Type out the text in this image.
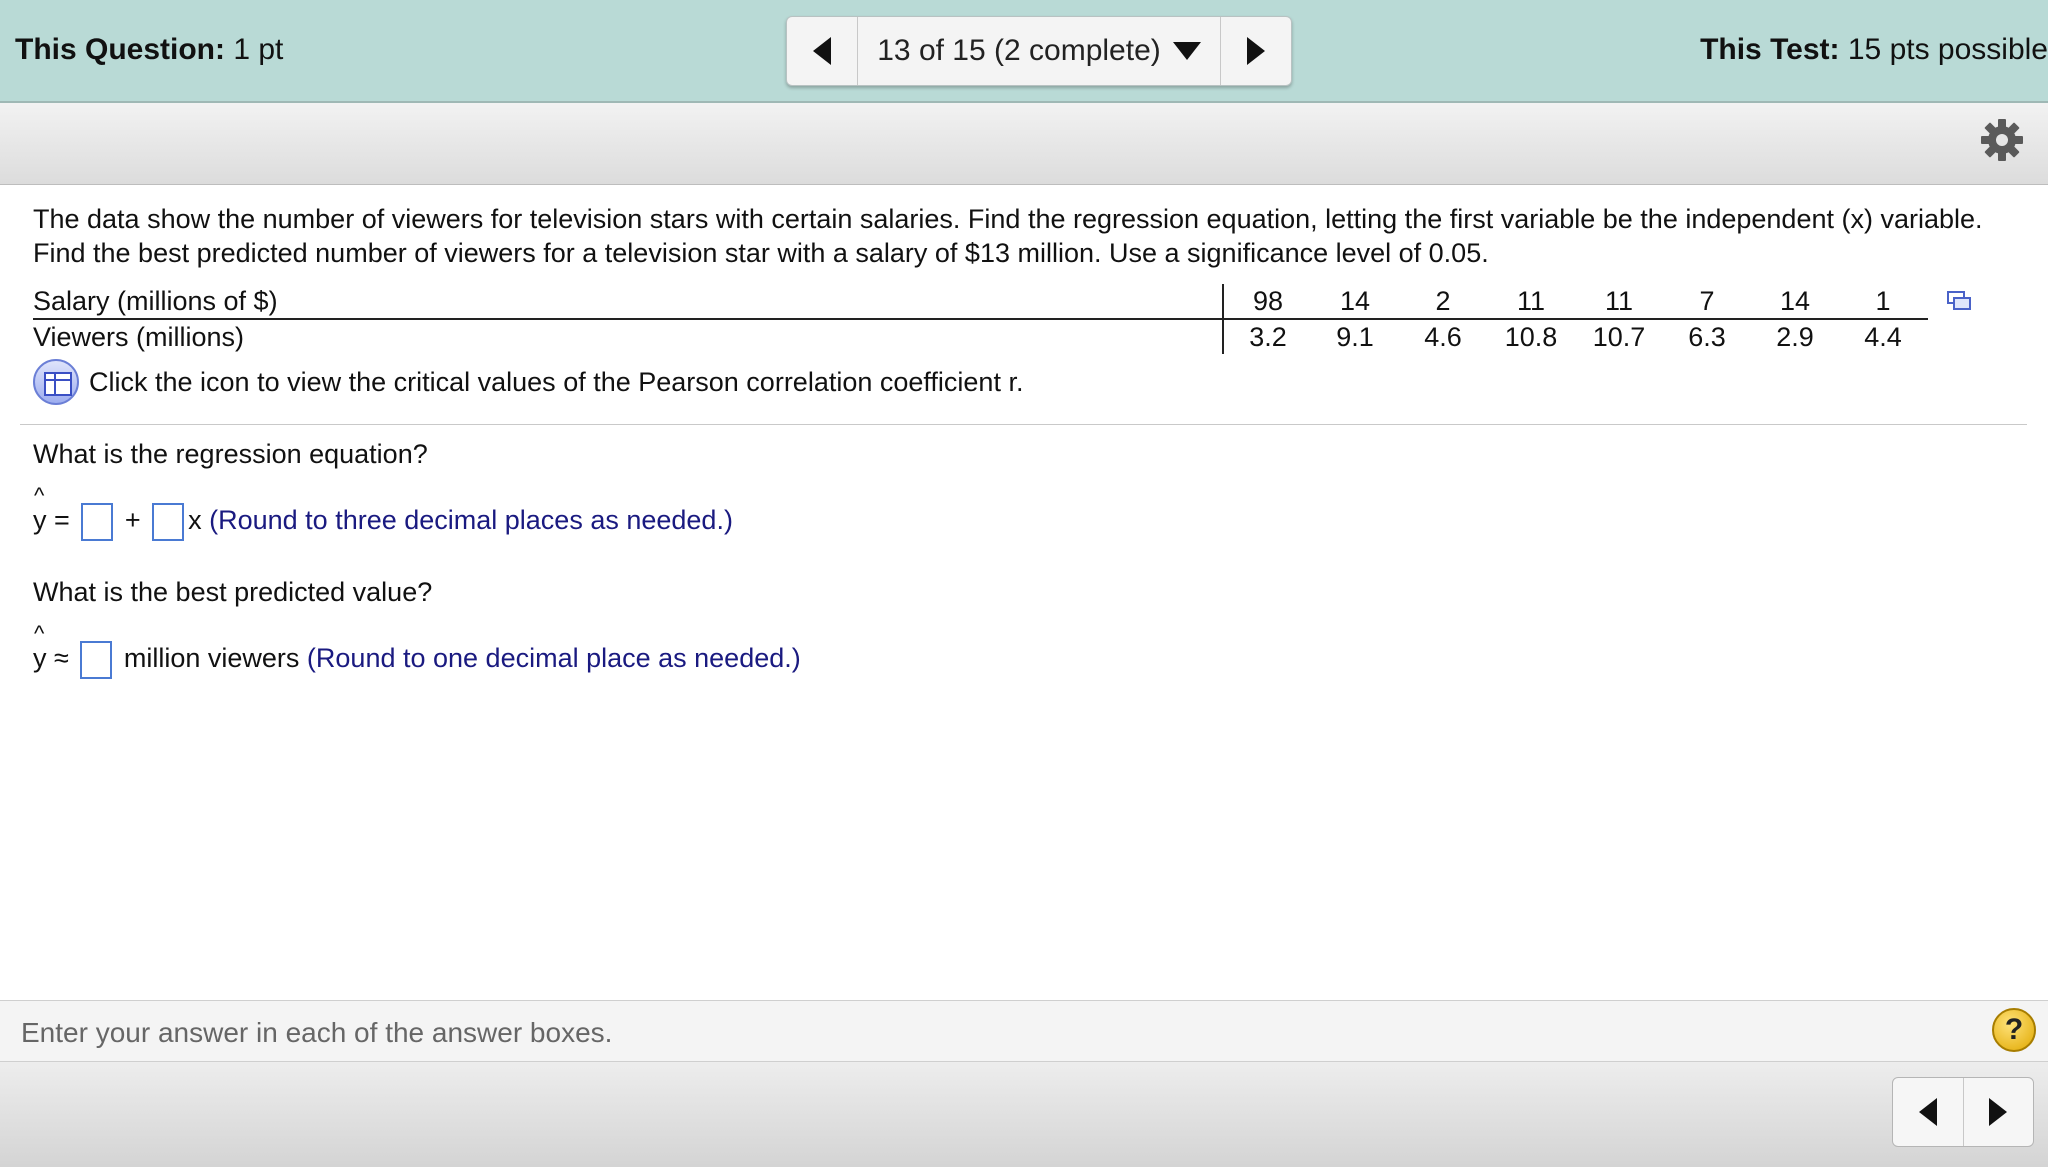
This Question: 1 pt	13 of 15 (2 complete)	This Test: 15 pts possible

The data show the number of viewers for television stars with certain salaries. Find the regression equation, letting the first variable be the independent (x) variable.

Find the best predicted number of viewers for a television star with a salary of $13 million. Use a significance level of 0.05.

Salary (millions of $)	98	14	2	11	11	7	14	1
Viewers (millions)	3.2	9.1	4.6	10.8	10.7	6.3	2.9	4.4
Click the icon to view the critical values of the Pearson correlation coefficient r.
What is the regression equation?
^
y = + x (Round to three decimal places as needed.)
What is the best predicted value?
^
y ≈ million viewers (Round to one decimal place as needed.)
Enter your answer in each of the answer boxes.	?
